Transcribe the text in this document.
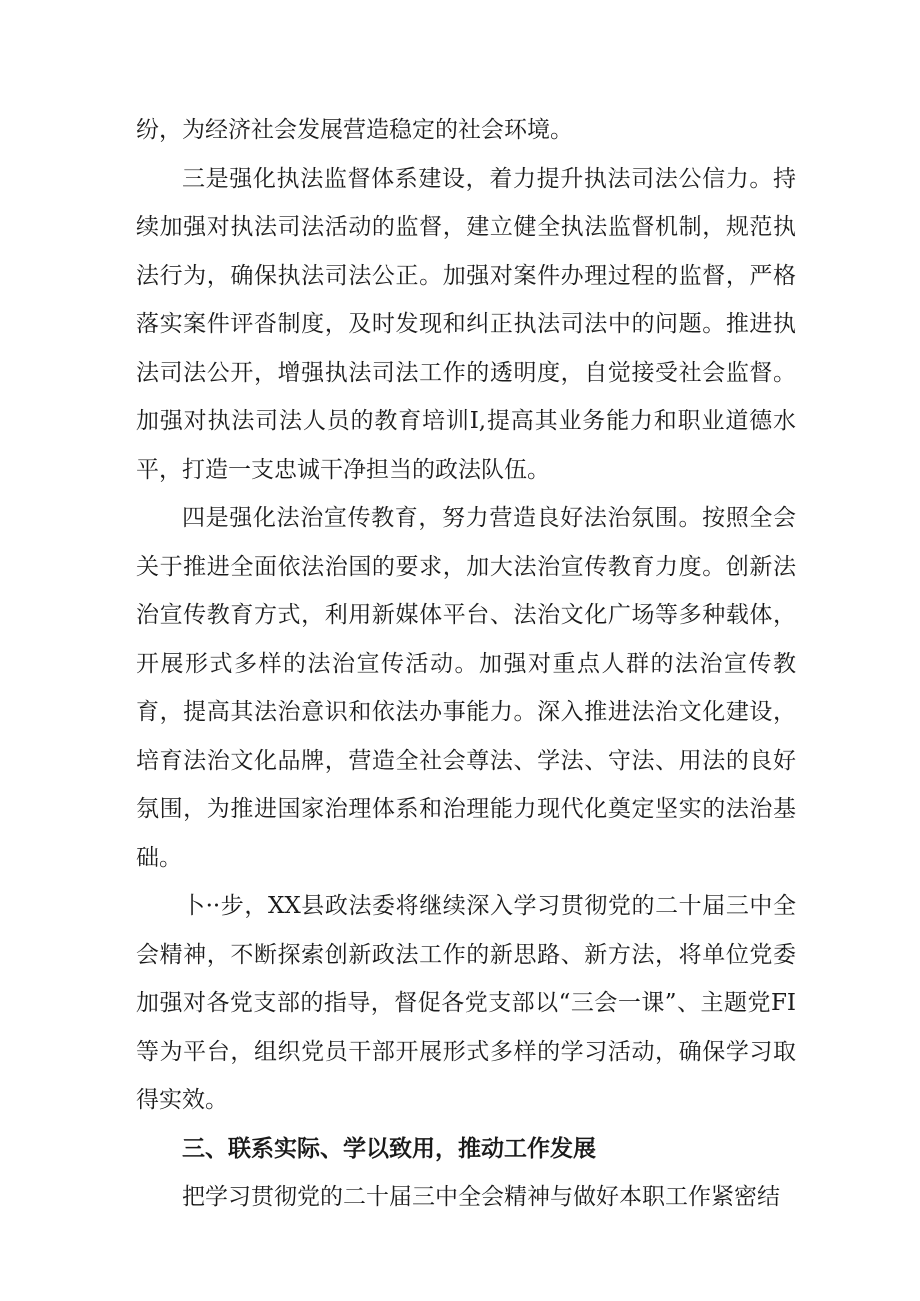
纷，为经济社会发展营造稳定的社会环境。

三是强化执法监督体系建设，着力提升执法司法公信力。持续加强对执法司法活动的监督，建立健全执法监督机制，规范执法行为，确保执法司法公正。加强对案件办理过程的监督，严格落实案件评沓制度，及时发现和纠正执法司法中的问题。推进执法司法公开，增强执法司法工作的透明度，自觉接受社会监督。加强对执法司法人员的教育培训I,提高其业务能力和职业道德水平，打造一支忠诚干净担当的政法队伍。

四是强化法治宣传教育，努力营造良好法治氛围。按照全会关于推进全面依法治国的要求，加大法治宣传教育力度。创新法治宣传教育方式，利用新媒体平台、法治文化广场等多种载体，开展形式多样的法治宣传活动。加强对重点人群的法治宣传教育，提高其法治意识和依法办事能力。深入推进法治文化建设，培育法治文化品牌，营造全社会尊法、学法、守法、用法的良好氛围，为推进国家治理体系和治理能力现代化奠定坚实的法治基础。

卜··步，XX县政法委将继续深入学习贯彻党的二十届三中全会精神，不断探索创新政法工作的新思路、新方法，将单位党委加强对各党支部的指导，督促各党支部以“三会一课”、主题党FI等为平台，组织党员干部开展形式多样的学习活动，确保学习取得实效。

三、联系实际、学以致用，推动工作发展

把学习贯彻党的二十届三中全会精神与做好本职工作紧密结
